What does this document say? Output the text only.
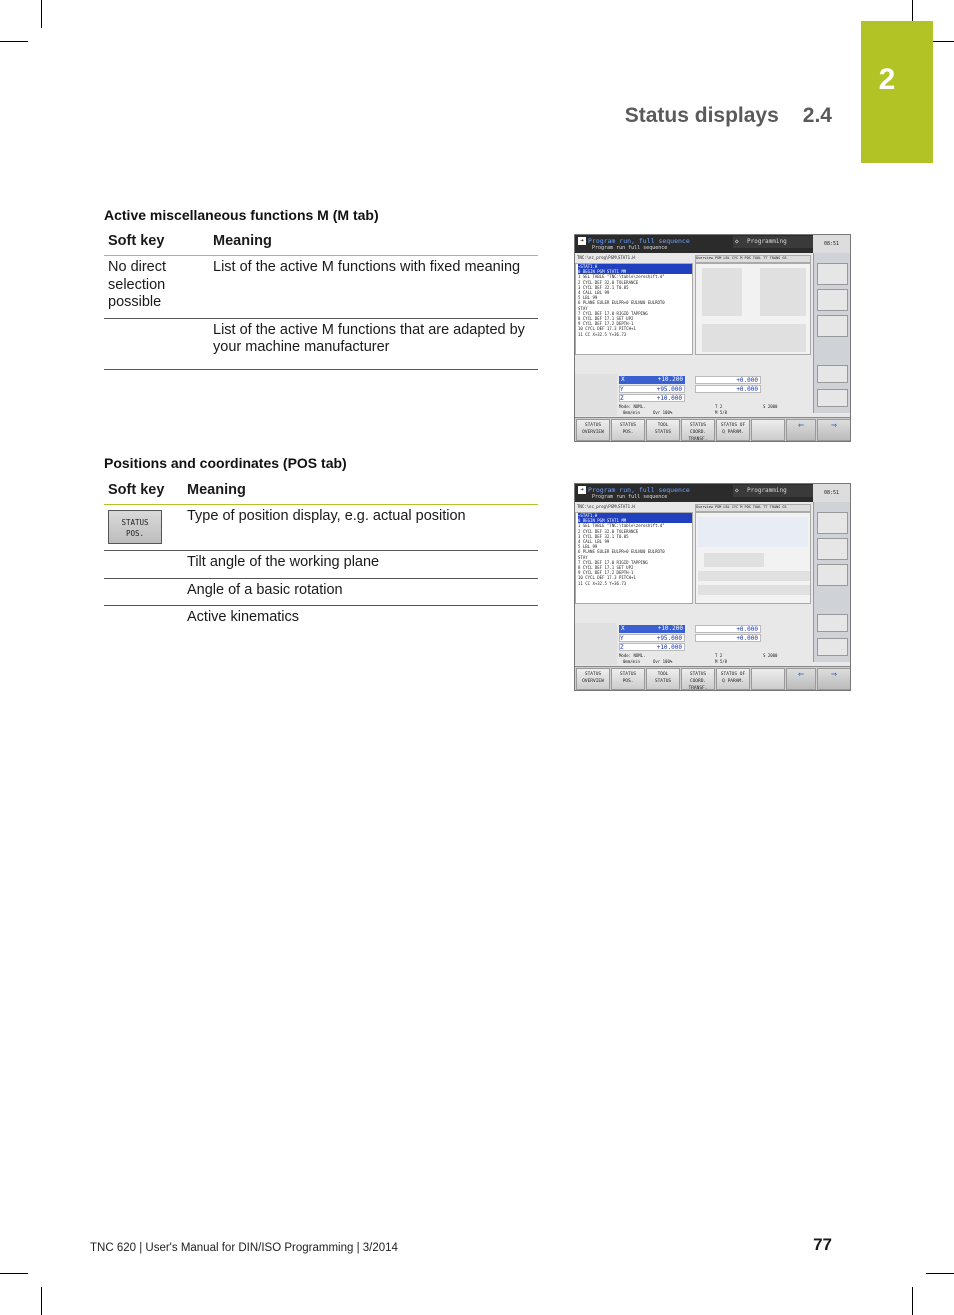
2
Status displays 2.4
Active miscellaneous functions M (M tab)
Soft key	Meaning
No direct selection possible	List of the active M functions with fixed meaning
	List of the active M functions that are adapted by your machine manufacturer
Positions and coordinates (POS tab)
Soft key	Meaning
STATUS
POS.	Type of position display, e.g. actual position
	Tilt angle of the working plane
	Angle of a basic rotation
	Active kinematics
➔ Program run, full sequence
Program run full sequence
◇ Programming	08:51
TNC:\nc_prog\PGM\STAT1.H
→STAT1.H
0 BEGIN PGM STAT1 MM
1 SEL TABLE "TNC:\table\zeroshift.d"
2 CYCL DEF 32.0 TOLERANCE
3 CYCL DEF 32.1 T0.05
4 CALL LBL 99
5 LBL 99
6 PLANE EULER EULPR+0 EULNU0 EULROT0
STAY
7 CYCL DEF 17.0 RIGID TAPPING
8 CYCL DEF 17.1 SET UP2
9 CYCL DEF 17.2 DEPTH-1
10 CYCL DEF 17.3 PITCH+1
11 CC X+32.5 Y+36.73
Overview PGM LBL CYC M POS TOOL TT TRANS GS
X	+10.200	+0.000
Y	+95.000	+0.000
Z	+10.000
Mode: NOML.	T 2	S 2000
0mm/min	Ovr 100%	M 5/8
STATUS
OVERVIEW
STATUS
POS.
TOOL
STATUS
STATUS
COORD. TRANSF.
STATUS OF
Q PARAM.
⇐	⇒
➔ Program run, full sequence
Program run full sequence
◇ Programming	08:51
TNC:\nc_prog\PGM\STAT1.H
→STAT1.H
0 BEGIN PGM STAT1 MM
1 SEL TABLE "TNC:\table\zeroshift.d"
2 CYCL DEF 32.0 TOLERANCE
3 CYCL DEF 32.1 T0.05
4 CALL LBL 99
5 LBL 99
6 PLANE EULER EULPR+0 EULNU0 EULROT0
STAY
7 CYCL DEF 17.0 RIGID TAPPING
8 CYCL DEF 17.1 SET UP2
9 CYCL DEF 17.2 DEPTH-1
10 CYCL DEF 17.3 PITCH+1
11 CC X+32.5 Y+36.73
Overview PGM LBL CYC M POS TOOL TT TRANS GS
X	+10.200	+0.000
Y	+95.000	+0.000
Z	+10.000
Mode: NOML.	T 2	S 2000
0mm/min	Ovr 100%	M 5/8
STATUS
OVERVIEW
STATUS
POS.
TOOL
STATUS
STATUS
COORD. TRANSF.
STATUS OF
Q PARAM.
⇐	⇒
TNC 620 | User's Manual for DIN/ISO Programming | 3/2014	77
